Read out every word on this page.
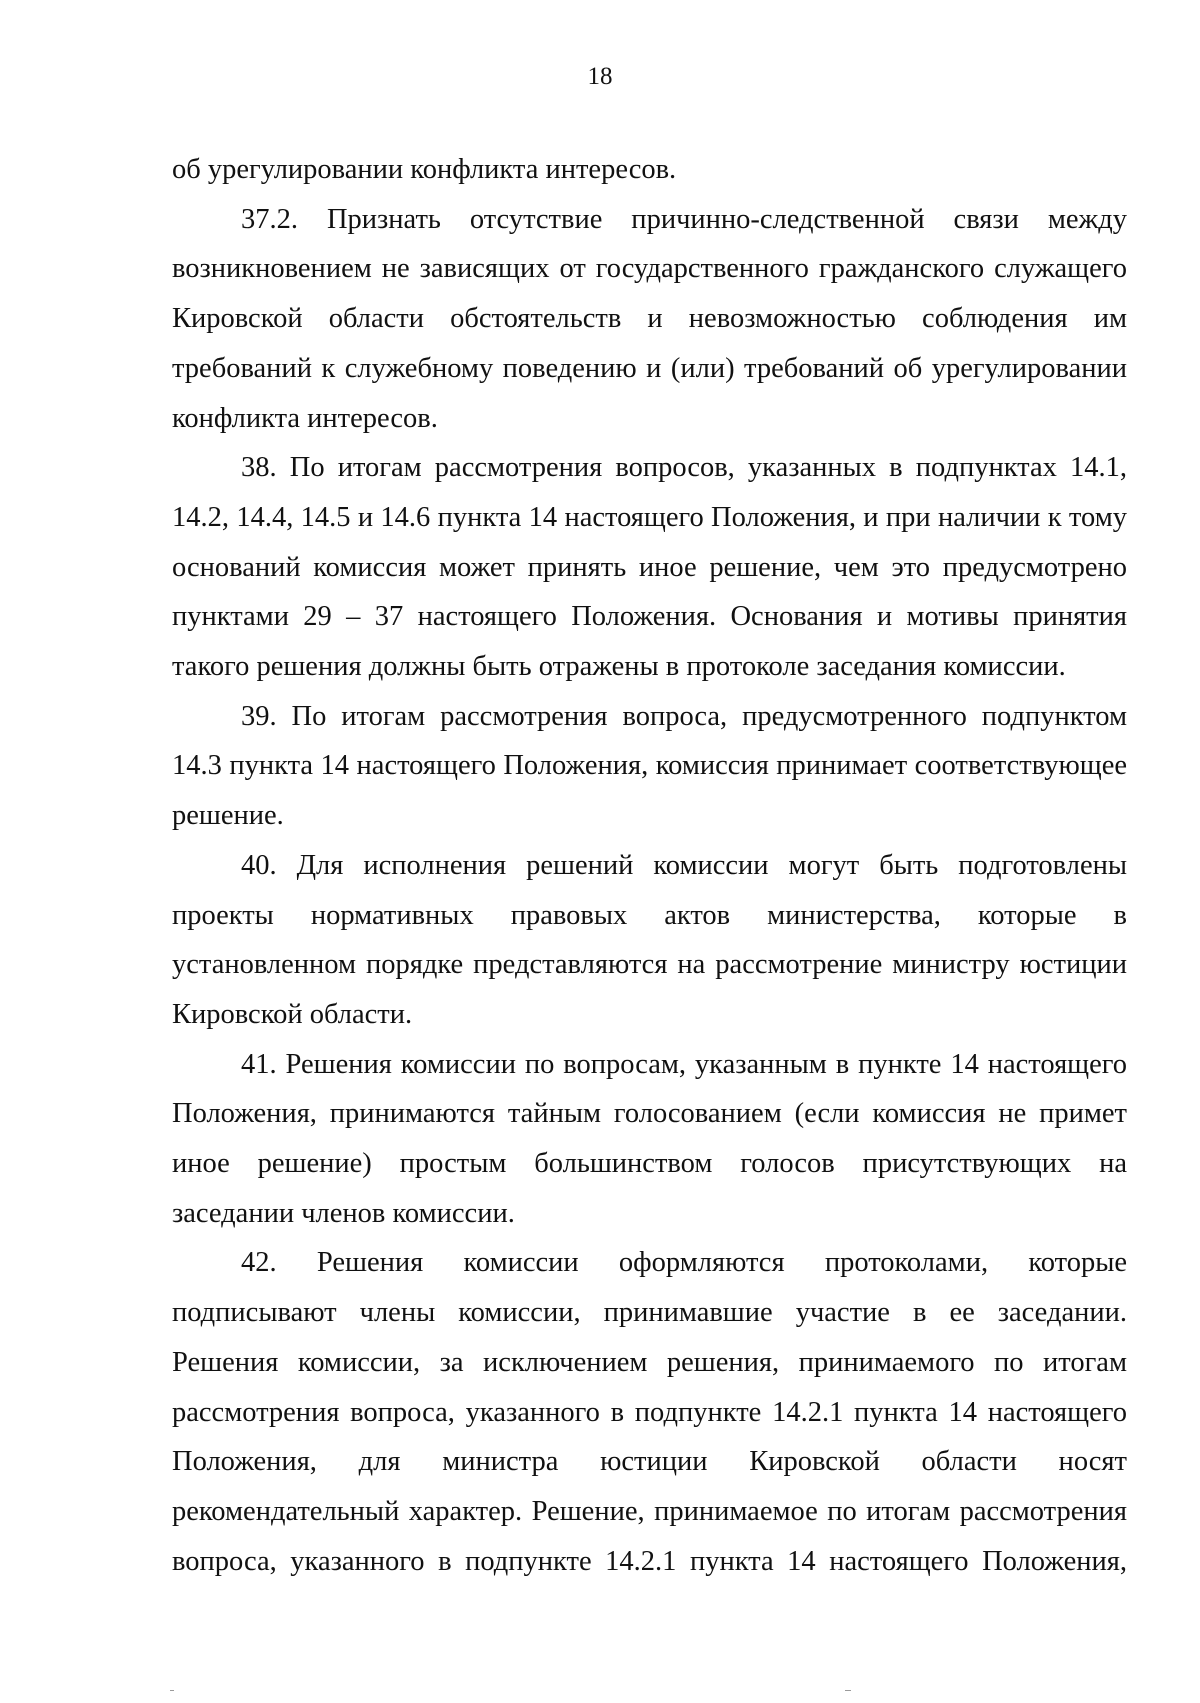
18

об урегулировании конфликта интересов.

37.2. Признать отсутствие причинно-следственной связи между возникновением не зависящих от государственного гражданского служащего Кировской области обстоятельств и невозможностью соблюдения им требований к служебному поведению и (или) требований об урегулировании конфликта интересов.

38. По итогам рассмотрения вопросов, указанных в подпунктах 14.1, 14.2, 14.4, 14.5 и 14.6 пункта 14 настоящего Положения, и при наличии к тому оснований комиссия может принять иное решение, чем это предусмотрено пунктами 29 – 37 настоящего Положения. Основания и мотивы принятия такого решения должны быть отражены в протоколе заседания комиссии.

39. По итогам рассмотрения вопроса, предусмотренного подпунктом 14.3 пункта 14 настоящего Положения, комиссия принимает соответствующее решение.

40. Для исполнения решений комиссии могут быть подготовлены проекты нормативных правовых актов министерства, которые в установленном порядке представляются на рассмотрение министру юстиции Кировской области.

41. Решения комиссии по вопросам, указанным в пункте 14 настоящего Положения, принимаются тайным голосованием (если комиссия не примет иное решение) простым большинством голосов присутствующих на заседании членов комиссии.

42. Решения комиссии оформляются протоколами, которые подписывают члены комиссии, принимавшие участие в ее заседании. Решения комиссии, за исключением решения, принимаемого по итогам рассмотрения вопроса, указанного в подпункте 14.2.1 пункта 14 настоящего Положения, для министра юстиции Кировской области носят рекомендательный характер. Решение, принимаемое по итогам рассмотрения вопроса, указанного в подпункте 14.2.1 пункта 14 настоящего Положения,
